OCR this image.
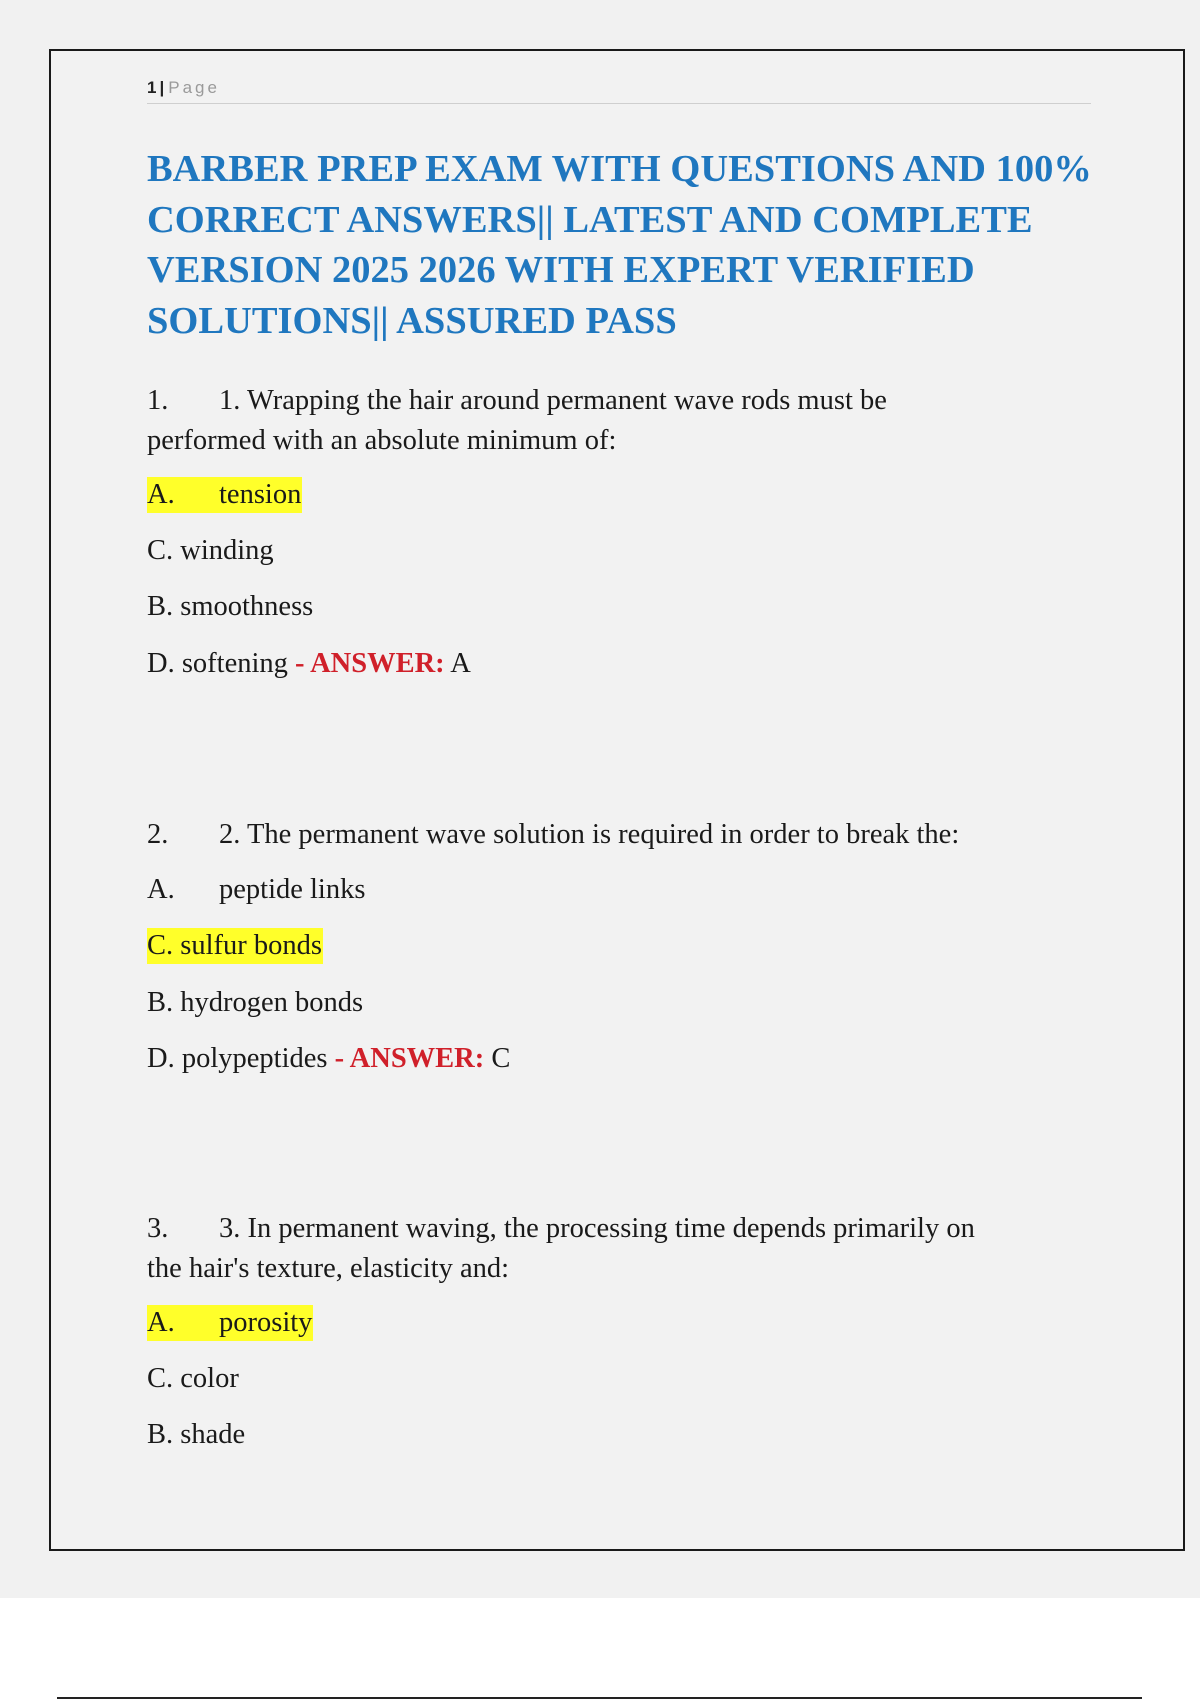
1 | Page
BARBER PREP EXAM WITH QUESTIONS AND 100% CORRECT ANSWERS|| LATEST AND COMPLETE VERSION 2025 2026 WITH EXPERT VERIFIED SOLUTIONS|| ASSURED PASS
1. 1. Wrapping the hair around permanent wave rods must be
performed with an absolute minimum of:
A. tension
C. winding
B. smoothness
D. softening - ANSWER: A
2. 2. The permanent wave solution is required in order to break the:
A. peptide links
C. sulfur bonds
B. hydrogen bonds
D. polypeptides - ANSWER: C
3. 3. In permanent waving, the processing time depends primarily on
the hair's texture, elasticity and:
A. porosity
C. color
B. shade
